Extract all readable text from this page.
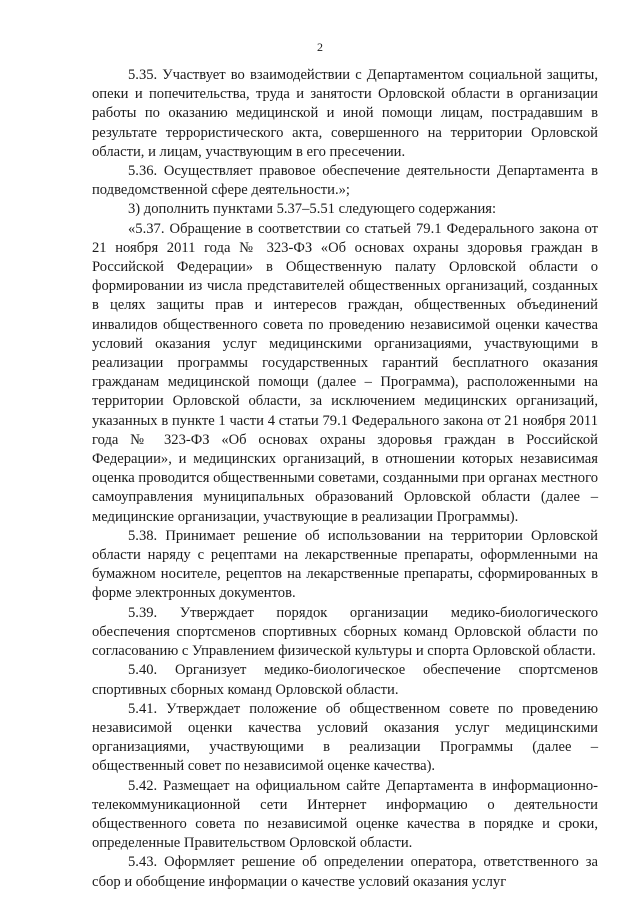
2

5.35. Участвует во взаимодействии с Департаментом социальной защиты, опеки и попечительства, труда и занятости Орловской области в организации работы по оказанию медицинской и иной помощи лицам, пострадавшим в результате террористического акта, совершенного на территории Орловской области, и лицам, участвующим в его пресечении.

5.36. Осуществляет правовое обеспечение деятельности Департамента в подведомственной сфере деятельности.»;

3) дополнить пунктами 5.37–5.51 следующего содержания:

«5.37. Обращение в соответствии со статьей 79.1 Федерального закона от 21 ноября 2011 года № 323-ФЗ «Об основах охраны здоровья граждан в Российской Федерации» в Общественную палату Орловской области о формировании из числа представителей общественных организаций, созданных в целях защиты прав и интересов граждан, общественных объединений инвалидов общественного совета по проведению независимой оценки качества условий оказания услуг медицинскими организациями, участвующими в реализации программы государственных гарантий бесплатного оказания гражданам медицинской помощи (далее – Программа), расположенными на территории Орловской области, за исключением медицинских организаций, указанных в пункте 1 части 4 статьи 79.1 Федерального закона от 21 ноября 2011 года № 323-ФЗ «Об основах охраны здоровья граждан в Российской Федерации», и медицинских организаций, в отношении которых независимая оценка проводится общественными советами, созданными при органах местного самоуправления муниципальных образований Орловской области (далее – медицинские организации, участвующие в реализации Программы).

5.38. Принимает решение об использовании на территории Орловской области наряду с рецептами на лекарственные препараты, оформленными на бумажном носителе, рецептов на лекарственные препараты, сформированных в форме электронных документов.

5.39. Утверждает порядок организации медико-биологического обеспечения спортсменов спортивных сборных команд Орловской области по согласованию с Управлением физической культуры и спорта Орловской области.

5.40. Организует медико-биологическое обеспечение спортсменов спортивных сборных команд Орловской области.

5.41. Утверждает положение об общественном совете по проведению независимой оценки качества условий оказания услуг медицинскими организациями, участвующими в реализации Программы (далее – общественный совет по независимой оценке качества).

5.42. Размещает на официальном сайте Департамента в информационно-телекоммуникационной сети Интернет информацию о деятельности общественного совета по независимой оценке качества в порядке и сроки, определенные Правительством Орловской области.

5.43. Оформляет решение об определении оператора, ответственного за сбор и обобщение информации о качестве условий оказания услуг
